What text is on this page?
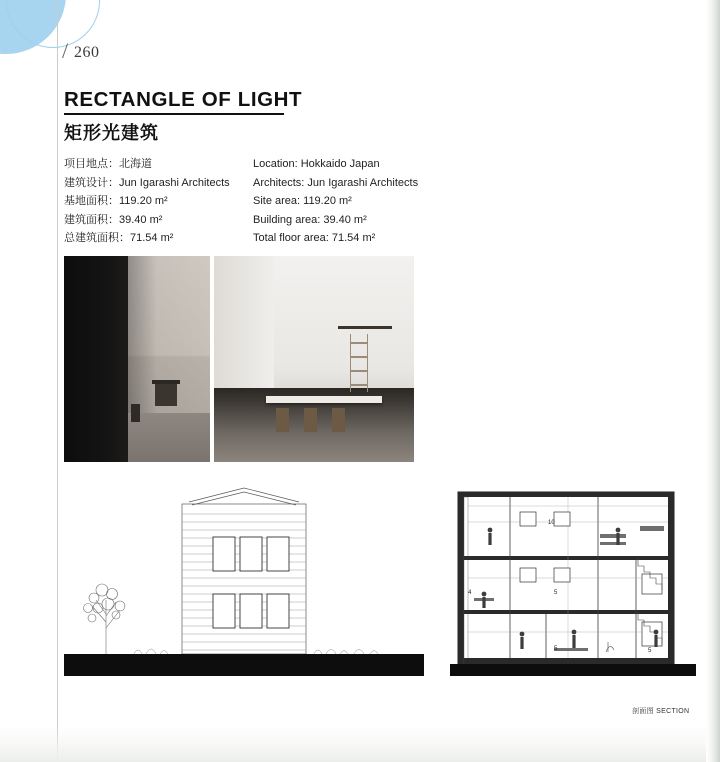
/ 260
RECTANGLE OF LIGHT
矩形光建筑
项目地点：北海道
建筑设计：Jun Igarashi Architects
基地面积：119.20 m²
建筑面积：39.40 m²
总建筑面积：71.54 m²
Location: Hokkaido Japan
Architects: Jun Igarashi Architects
Site area: 119.20 m²
Building area: 39.40 m²
Total floor area: 71.54 m²
10
4	5
5	5
剖面图 SECTION
